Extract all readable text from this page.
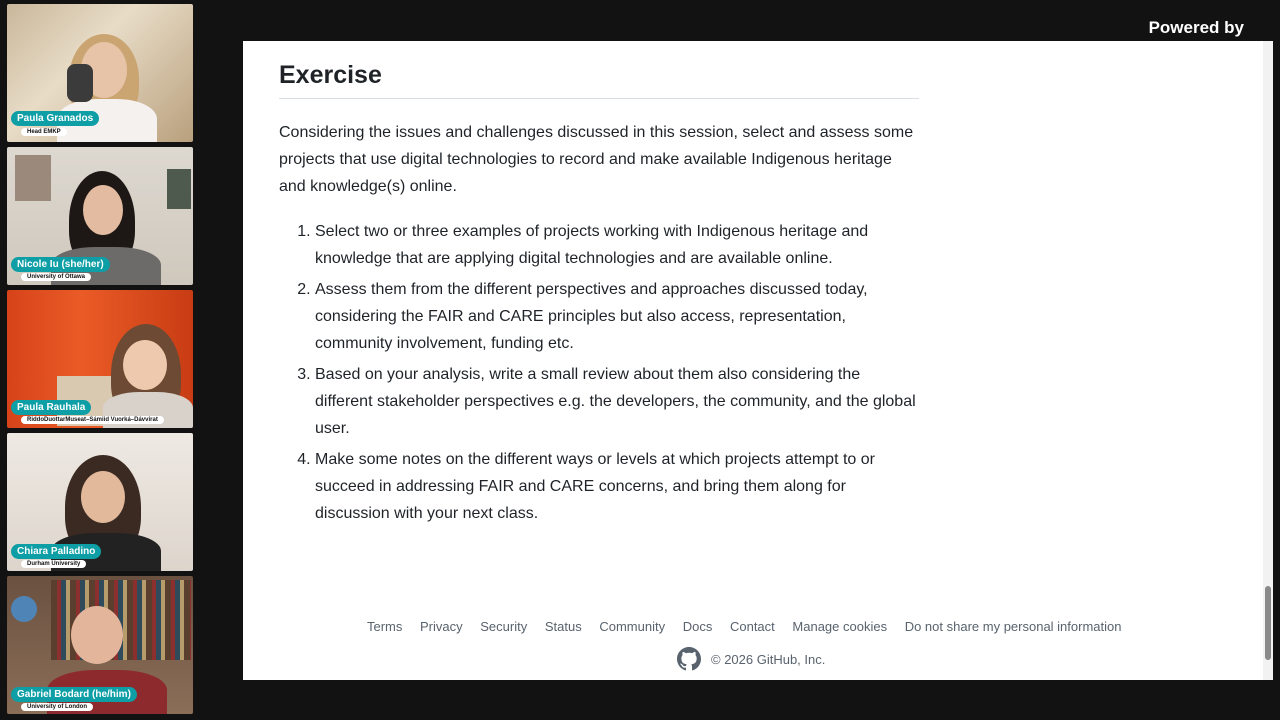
Paula Granados
Head EMKP
Nicole Iu (she/her)
University of Ottawa
Paula Rauhala
RiddoDuottarMuseat–Sámiid Vuorká–Dávvirat
Chiara Palladino
Durham University
Gabriel Bodard (he/him)
University of London
Powered by
Exercise

Considering the issues and challenges discussed in this session, select and assess some projects that use digital technologies to record and make available Indigenous heritage and knowledge(s) online.

1. Select two or three examples of projects working with Indigenous heritage and knowledge that are applying digital technologies and are available online.
2. Assess them from the different perspectives and approaches discussed today, considering the FAIR and CARE principles but also access, representation, community involvement, funding etc.
3. Based on your analysis, write a small review about them also considering the different stakeholder perspectives e.g. the developers, the community, and the global user.
4. Make some notes on the different ways or levels at which projects attempt to or succeed in addressing FAIR and CARE concerns, and bring them along for discussion with your next class.
Terms Privacy Security Status Community Docs Contact Manage cookies Do not share my personal information
© 2026 GitHub, Inc.
